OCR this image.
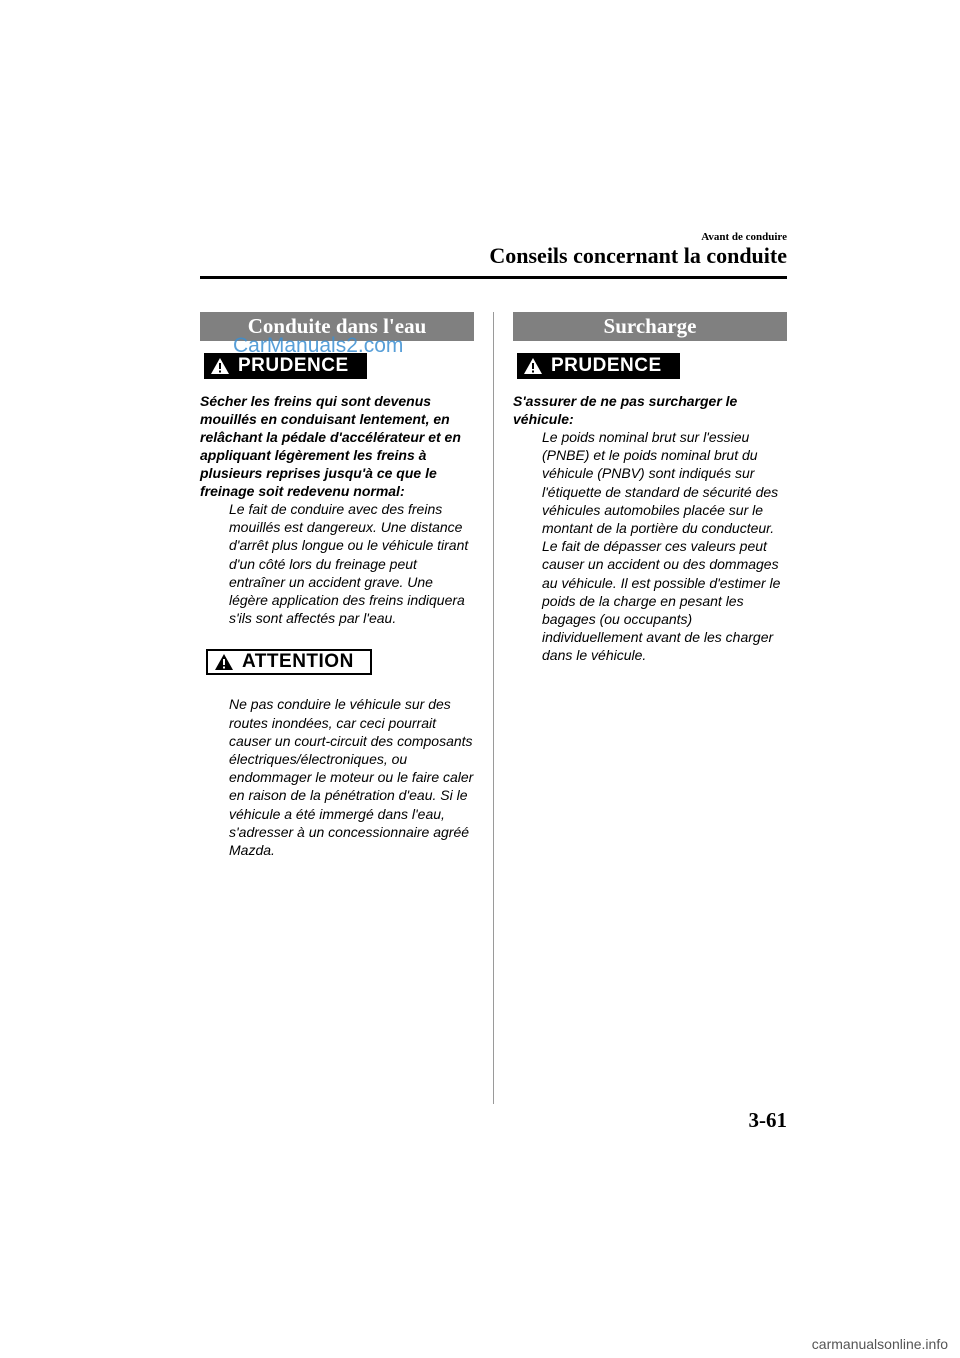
Avant de conduire
Conseils concernant la conduite
Conduite dans l'eau
PRUDENCE
Sécher les freins qui sont devenus mouillés en conduisant lentement, en relâchant la pédale d'accélérateur et en appliquant légèrement les freins à plusieurs reprises jusqu'à ce que le freinage soit redevenu normal:
Le fait de conduire avec des freins mouillés est dangereux. Une distance d'arrêt plus longue ou le véhicule tirant d'un côté lors du freinage peut entraîner un accident grave. Une légère application des freins indiquera s'ils sont affectés par l'eau.
ATTENTION
Ne pas conduire le véhicule sur des routes inondées, car ceci pourrait causer un court-circuit des composants électriques/électroniques, ou endommager le moteur ou le faire caler en raison de la pénétration d'eau. Si le véhicule a été immergé dans l'eau, s'adresser à un concessionnaire agréé Mazda.
Surcharge
PRUDENCE
S'assurer de ne pas surcharger le véhicule:
Le poids nominal brut sur l'essieu (PNBE) et le poids nominal brut du véhicule (PNBV) sont indiqués sur l'étiquette de standard de sécurité des véhicules automobiles placée sur le montant de la portière du conducteur. Le fait de dépasser ces valeurs peut causer un accident ou des dommages au véhicule. Il est possible d'estimer le poids de la charge en pesant les bagages (ou occupants) individuellement avant de les charger dans le véhicule.
CarManuals2.com
3-61
carmanualsonline.info
